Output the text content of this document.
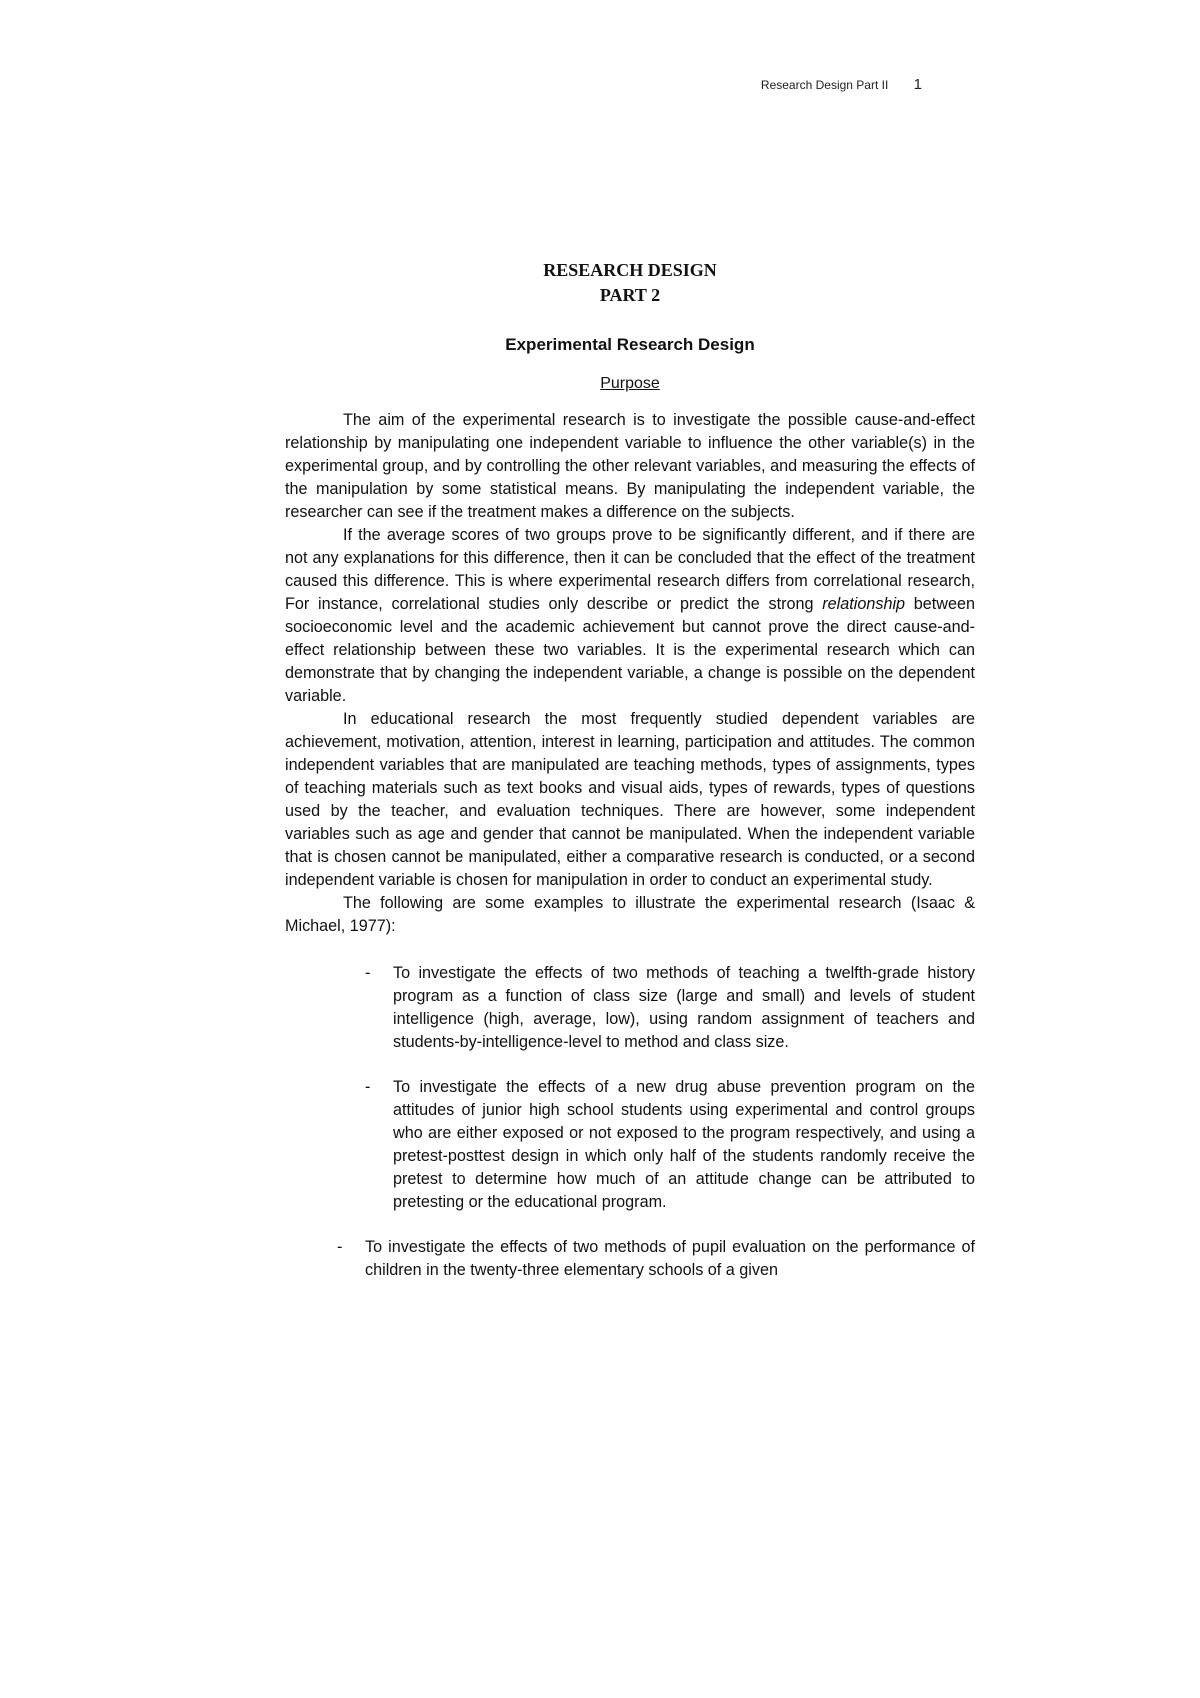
Research Design Part II 1

RESEARCH DESIGN
PART 2

Experimental Research Design

Purpose

The aim of the experimental research is to investigate the possible cause-and-effect relationship by manipulating one independent variable to influence the other variable(s) in the experimental group, and by controlling the other relevant variables, and measuring the effects of the manipulation by some statistical means. By manipulating the independent variable, the researcher can see if the treatment makes a difference on the subjects.

If the average scores of two groups prove to be significantly different, and if there are not any explanations for this difference, then it can be concluded that the effect of the treatment caused this difference. This is where experimental research differs from correlational research, For instance, correlational studies only describe or predict the strong relationship between socioeconomic level and the academic achievement but cannot prove the direct cause-and-effect relationship between these two variables. It is the experimental research which can demonstrate that by changing the independent variable, a change is possible on the dependent variable.

In educational research the most frequently studied dependent variables are achievement, motivation, attention, interest in learning, participation and attitudes. The common independent variables that are manipulated are teaching methods, types of assignments, types of teaching materials such as text books and visual aids, types of rewards, types of questions used by the teacher, and evaluation techniques. There are however, some independent variables such as age and gender that cannot be manipulated. When the independent variable that is chosen cannot be manipulated, either a comparative research is conducted, or a second independent variable is chosen for manipulation in order to conduct an experimental study.

The following are some examples to illustrate the experimental research (Isaac & Michael, 1977):

- To investigate the effects of two methods of teaching a twelfth-grade history program as a function of class size (large and small) and levels of student intelligence (high, average, low), using random assignment of teachers and students-by-intelligence-level to method and class size.
- To investigate the effects of a new drug abuse prevention program on the attitudes of junior high school students using experimental and control groups who are either exposed or not exposed to the program respectively, and using a pretest-posttest design in which only half of the students randomly receive the pretest to determine how much of an attitude change can be attributed to pretesting or the educational program.
- To investigate the effects of two methods of pupil evaluation on the performance of children in the twenty-three elementary schools of a given
